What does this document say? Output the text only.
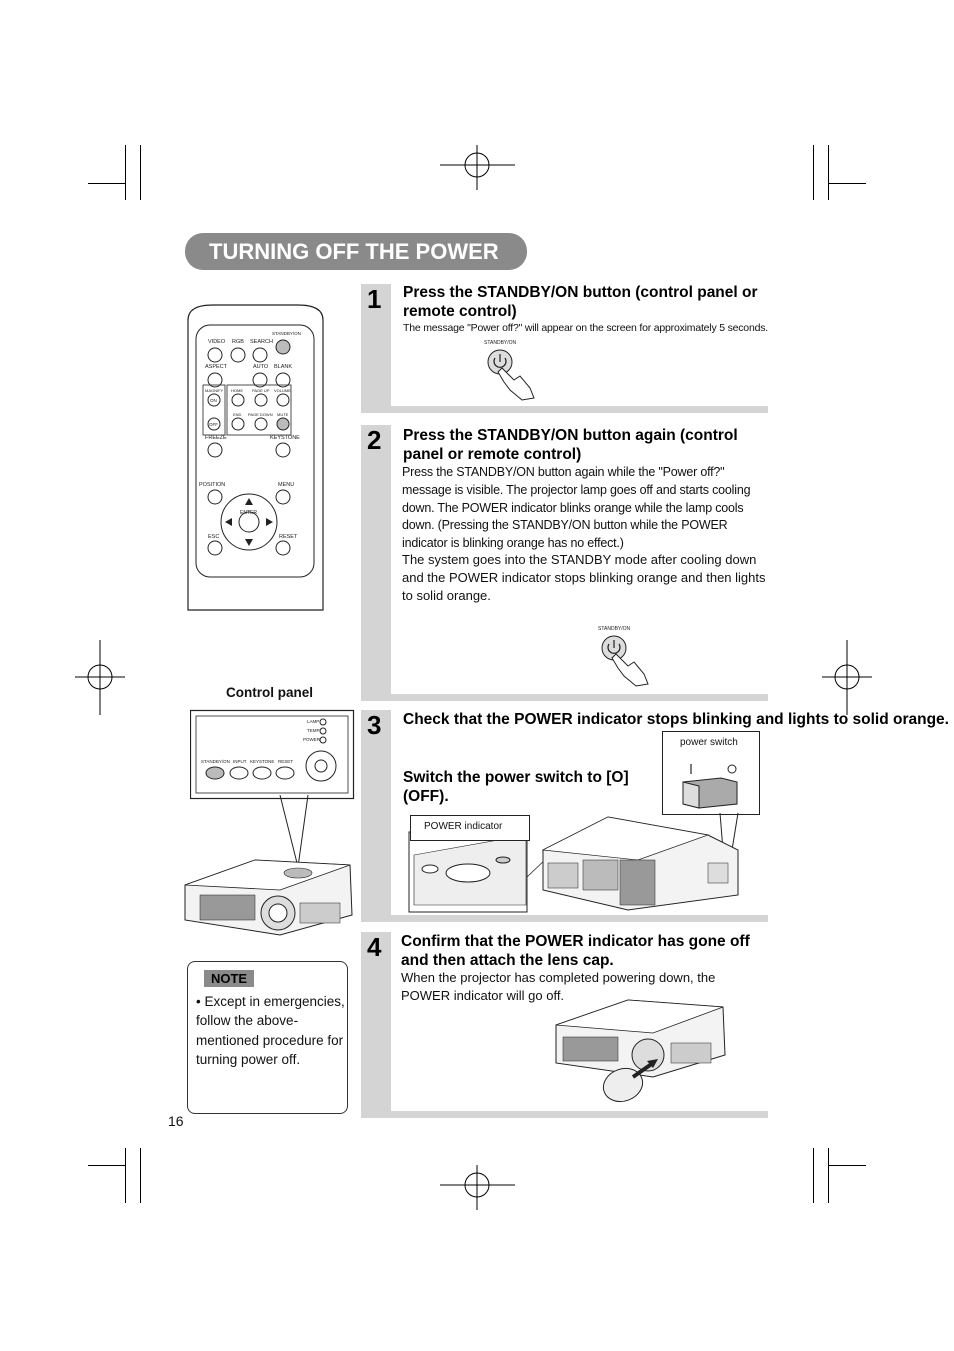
TURNING OFF THE POWER
VIDEO RGB SEARCH
STANDBY/ON
ASPECT	AUTO BLANK
MAGNIFY HOME PAGE UP VOLUME
ON
END PAGE DOWN MUTE
OFF
FREEZE	KEYSTONE
POSITION	MENU
ENTER
ESC	RESET
Control panel
LAMP
TEMP
POWER
STANDBY/ON INPUT KEYSTONE RESET
NOTE
• Except in emergencies, follow the above-mentioned procedure for turning power off.
16
1 Press the STANDBY/ON button (control panel or remote control)
The message "Power off?" will appear on the screen for approximately 5 seconds.
STANDBY/ON
2 Press the STANDBY/ON button again (control panel or remote control)
Press the STANDBY/ON button again while the "Power off?" message is visible. The projector lamp goes off and starts cooling down. The POWER indicator blinks orange while the lamp cools down. (Pressing the STANDBY/ON button while the POWER indicator is blinking orange has no effect.)
The system goes into the STANDBY mode after cooling down and the POWER indicator stops blinking orange and then lights to solid orange.
STANDBY/ON
3 Check that the POWER indicator stops blinking and lights to solid orange.
Switch the power switch to [O] (OFF).
power switch
POWER indicator
4 Confirm that the POWER indicator has gone off and then attach the lens cap.
When the projector has completed powering down, the POWER indicator will go off.
